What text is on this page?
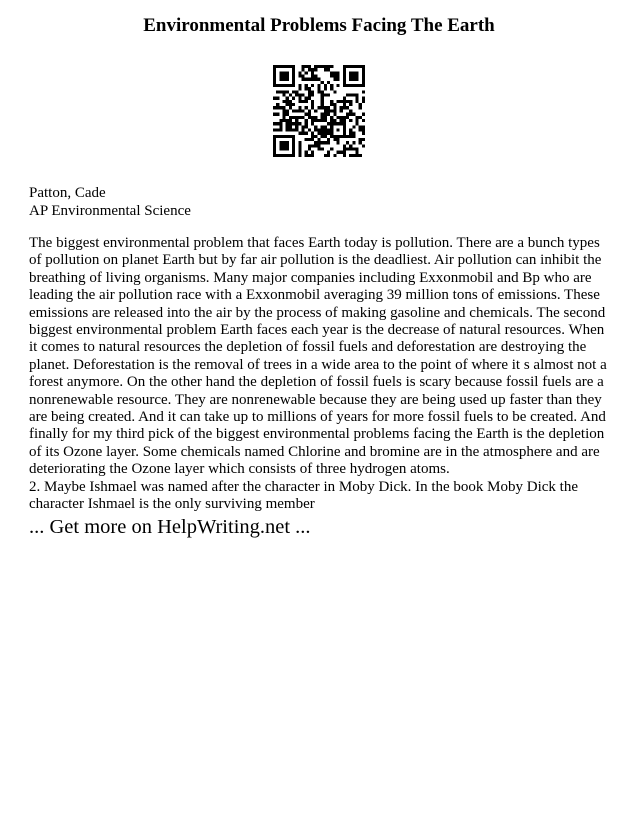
Environmental Problems Facing The Earth
Patton, Cade
AP Environmental Science

The biggest environmental problem that faces Earth today is pollution. There are a bunch types of pollution on planet Earth but by far air pollution is the deadliest. Air pollution can inhibit the breathing of living organisms. Many major companies including Exxonmobil and Bp who are leading the air pollution race with a Exxonmobil averaging 39 million tons of emissions. These emissions are released into the air by the process of making gasoline and chemicals. The second biggest environmental problem Earth faces each year is the decrease of natural resources. When it comes to natural resources the depletion of fossil fuels and deforestation are destroying the planet. Deforestation is the removal of trees in a wide area to the point of where it s almost not a forest anymore. On the other hand the depletion of fossil fuels is scary because fossil fuels are a nonrenewable resource. They are nonrenewable because they are being used up faster than they are being created. And it can take up to millions of years for more fossil fuels to be created. And finally for my third pick of the biggest environmental problems facing the Earth is the depletion of its Ozone layer. Some chemicals named Chlorine and bromine are in the atmosphere and are deteriorating the Ozone layer which consists of three hydrogen atoms.

2. Maybe Ishmael was named after the character in Moby Dick. In the book Moby Dick the character Ishmael is the only surviving member

... Get more on HelpWriting.net ...
